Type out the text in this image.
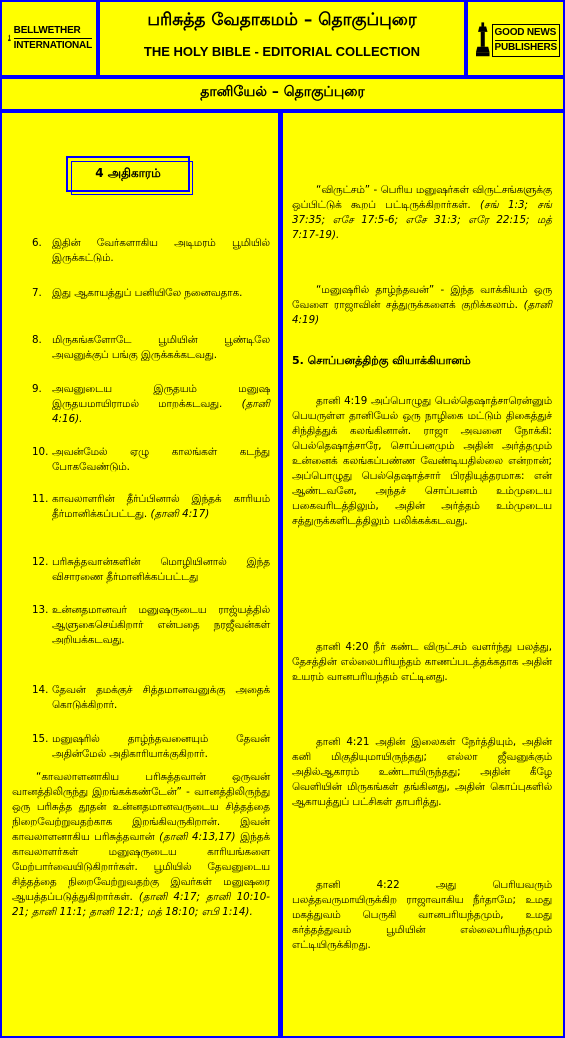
BELLWETHER
INTERNATIONAL
பரிசுத்த வேதாகமம் – தொகுப்புரை
THE HOLY BIBLE - EDITORIAL COLLECTION
GOOD NEWS
PUBLISHERS
தானியேல் – தொகுப்புரை
4 அதிகாரம்
6. இதின் வேர்களாகிய அடிமரம் பூமியில் இருக்கட்டும்.
7. இது ஆகாயத்துப் பனியிலே நனைவதாக.
8. மிருகங்களோடே பூமியின் பூண்டிலே அவனுக்குப் பங்கு இருக்கக்கடவது.
9. அவனுடைய இருதயம் மனுஷ இருதயமாயிராமல் மாறக்கடவது. (தானி 4:16).
10. அவன்மேல் ஏழு காலங்கள் கடந்து போகவேண்டும்.
11. காவலாளரின் தீர்ப்பினால் இந்தக் காரியம் தீர்மானிக்கப்பட்டது. (தானி 4:17)
12. பரிசுத்தவான்களின் மொழியினால் இந்த விசாரணை தீர்மானிக்கப்பட்டது
13. உன்னதமானவர் மனுஷருடைய ராஜ்யத்தில் ஆளுகைசெய்கிறார் என்பதை நரஜீவன்கள் அறியக்கடவது.
14. தேவன் தமக்குச் சித்தமானவனுக்கு அதைக் கொடுக்கிறார்.
15. மனுஷரில் தாழ்ந்தவனையும் தேவன் அதின்மேல் அதிகாரியாக்குகிறார்.
“காவலாளனாகிய பரிசுத்தவான் ஒருவன் வானத்திலிருந்து இறங்கக்கண்டேன்” - வானத்திலிருந்து ஒரு பரிசுத்த தூதன் உன்னதமானவருடைய சித்தத்தை நிறைவேற்றுவதற்காக இறங்கிவருகிறான். இவன் காவலாளனாகிய பரிசுத்தவான் (தானி 4:13,17) இந்தக் காவலாளர்கள் மனுஷருடைய காரியங்களை மேற்பார்வையிடுகிறார்கள். பூமியில் தேவனுடைய சித்தத்தை நிறைவேற்றுவதற்கு இவர்கள் மனுஷரை ஆயத்தப்படுத்துகிறார்கள். (தானி 4:17; தானி 10:10-21; தானி 11:1; தானி 12:1; மத் 18:10; எபி 1:14).
“விருட்சம்” - பெரிய மனுஷர்கள் விருட்சங்களுக்கு ஒப்பிட்டுக் கூறப் பட்டிருக்கிறார்கள். (சங் 1:3; சங் 37:35; எசே 17:5-6; எசே 31:3; எரே 22:15; மத் 7:17-19).
“மனுஷரில் தாழ்ந்தவன்” - இந்த வாக்கியம் ஒரு வேளை ராஜாவின் சத்துருக்களைக் குறிக்கலாம். (தானி 4:19)
5. சொப்பனத்திற்கு வியாக்கியானம்
தானி 4:19 அப்பொழுது பெல்தெஷாத்சாரென்னும் பெயருள்ள தானியேல் ஒரு நாழிகை மட்டும் திகைத்துச் சிந்தித்துக் கலங்கினான். ராஜா அவனை நோக்கி: பெல்தெஷாத்சாரே, சொப்பனமும் அதின் அர்த்தமும் உன்னைக் கலங்கப்பண்ண வேண்டியதில்லை என்றான்; அப்பொழுது பெல்தெஷாத்சார் பிரதியுத்தரமாக: என் ஆண்டவனே, அந்தச் சொப்பனம் உம்முடைய பகைவரிடத்திலும், அதின் அர்த்தம் உம்முடைய சத்துருக்களிடத்திலும் பலிக்கக்கடவது.
தானி 4:20 நீர் கண்ட விருட்சம் வளர்ந்து பலத்து, தேசத்தின் எல்லைபரியந்தம் காணப்படத்தக்கதாக அதின் உயரம் வானபரியந்தம் எட்டினது.
தானி 4:21 அதின் இலைகள் நேர்த்தியும், அதின் கனி மிகுதியுமாயிருந்தது; எல்லா ஜீவனுக்கும் அதில்ஆகாரம் உண்டாயிருந்தது; அதின் கீழே வெளியின் மிருகங்கள் தங்கினது, அதின் கொப்புகளில் ஆகாயத்துப் பட்சிகள் தாபரித்து.
தானி 4:22 அது பெரியவரும் பலத்தவருமாயிருக்கிற ராஜாவாகிய நீர்தாமே; உமது மகத்துவம் பெருகி வானபரியந்தமும், உமது கர்த்தத்துவம் பூமியின் எல்லைபரியந்தமும் எட்டியிருக்கிறது.
